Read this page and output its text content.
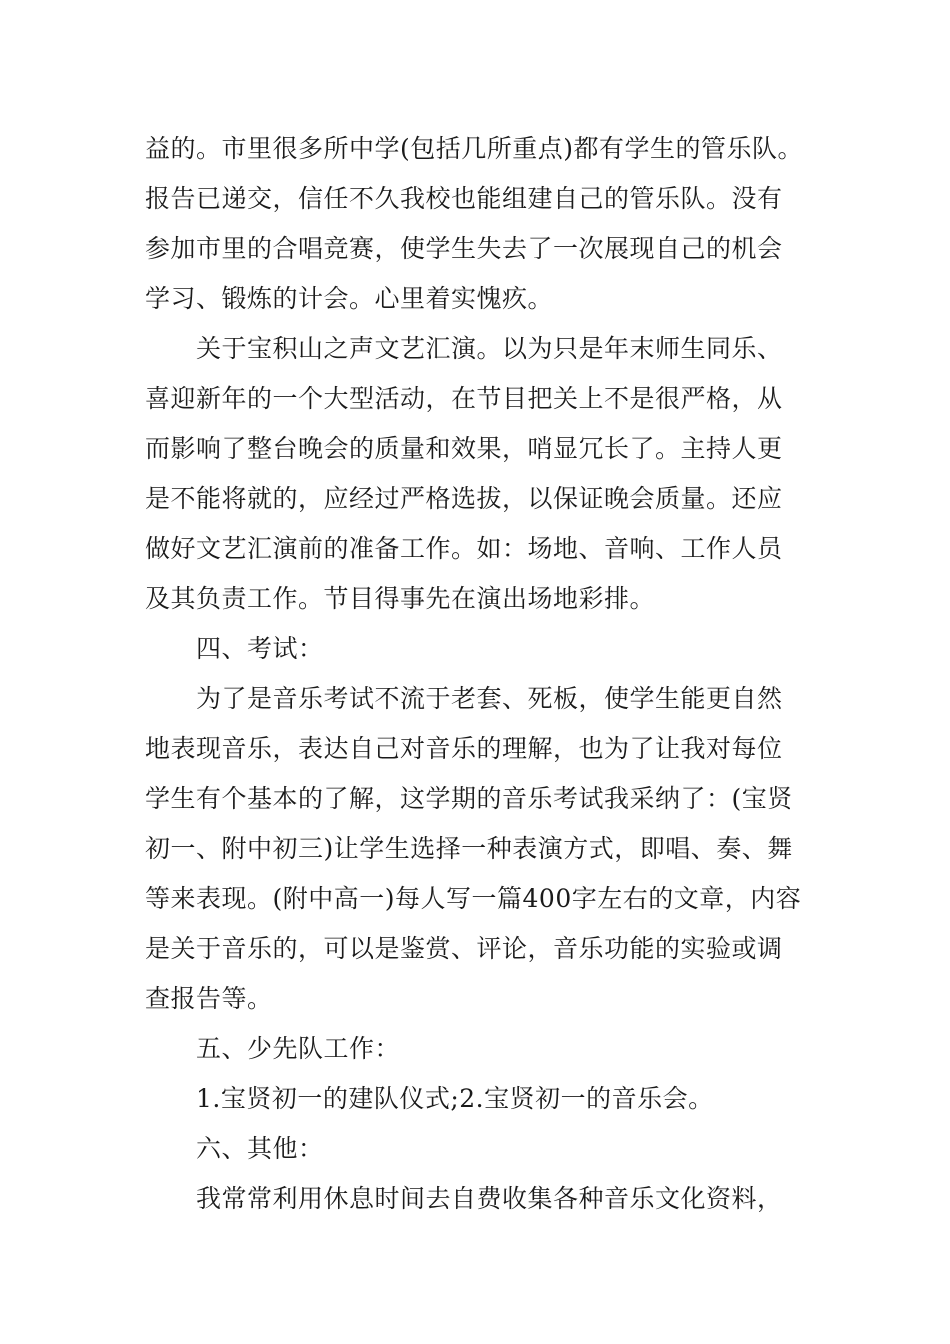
益的。市里很多所中学(包括几所重点)都有学生的管乐队。

报告已递交，信任不久我校也能组建自己的管乐队。没有

参加市里的合唱竞赛，使学生失去了一次展现自己的机会

学习、锻炼的计会。心里着实愧疚。

关于宝积山之声文艺汇演。以为只是年末师生同乐、

喜迎新年的一个大型活动，在节目把关上不是很严格，从

而影响了整台晚会的质量和效果，哨显冗长了。主持人更

是不能将就的，应经过严格选拔，以保证晚会质量。还应

做好文艺汇演前的准备工作。如：场地、音响、工作人员

及其负责工作。节目得事先在演出场地彩排。

四、考试：

为了是音乐考试不流于老套、死板，使学生能更自然

地表现音乐，表达自己对音乐的理解，也为了让我对每位

学生有个基本的了解，这学期的音乐考试我采纳了：(宝贤

初一、附中初三)让学生选择一种表演方式，即唱、奏、舞

等来表现。(附中高一)每人写一篇400字左右的文章，内容

是关于音乐的，可以是鉴赏、评论，音乐功能的实验或调

查报告等。

五、少先队工作：

1.宝贤初一的建队仪式;2.宝贤初一的音乐会。

六、其他：

我常常利用休息时间去自费收集各种音乐文化资料，
